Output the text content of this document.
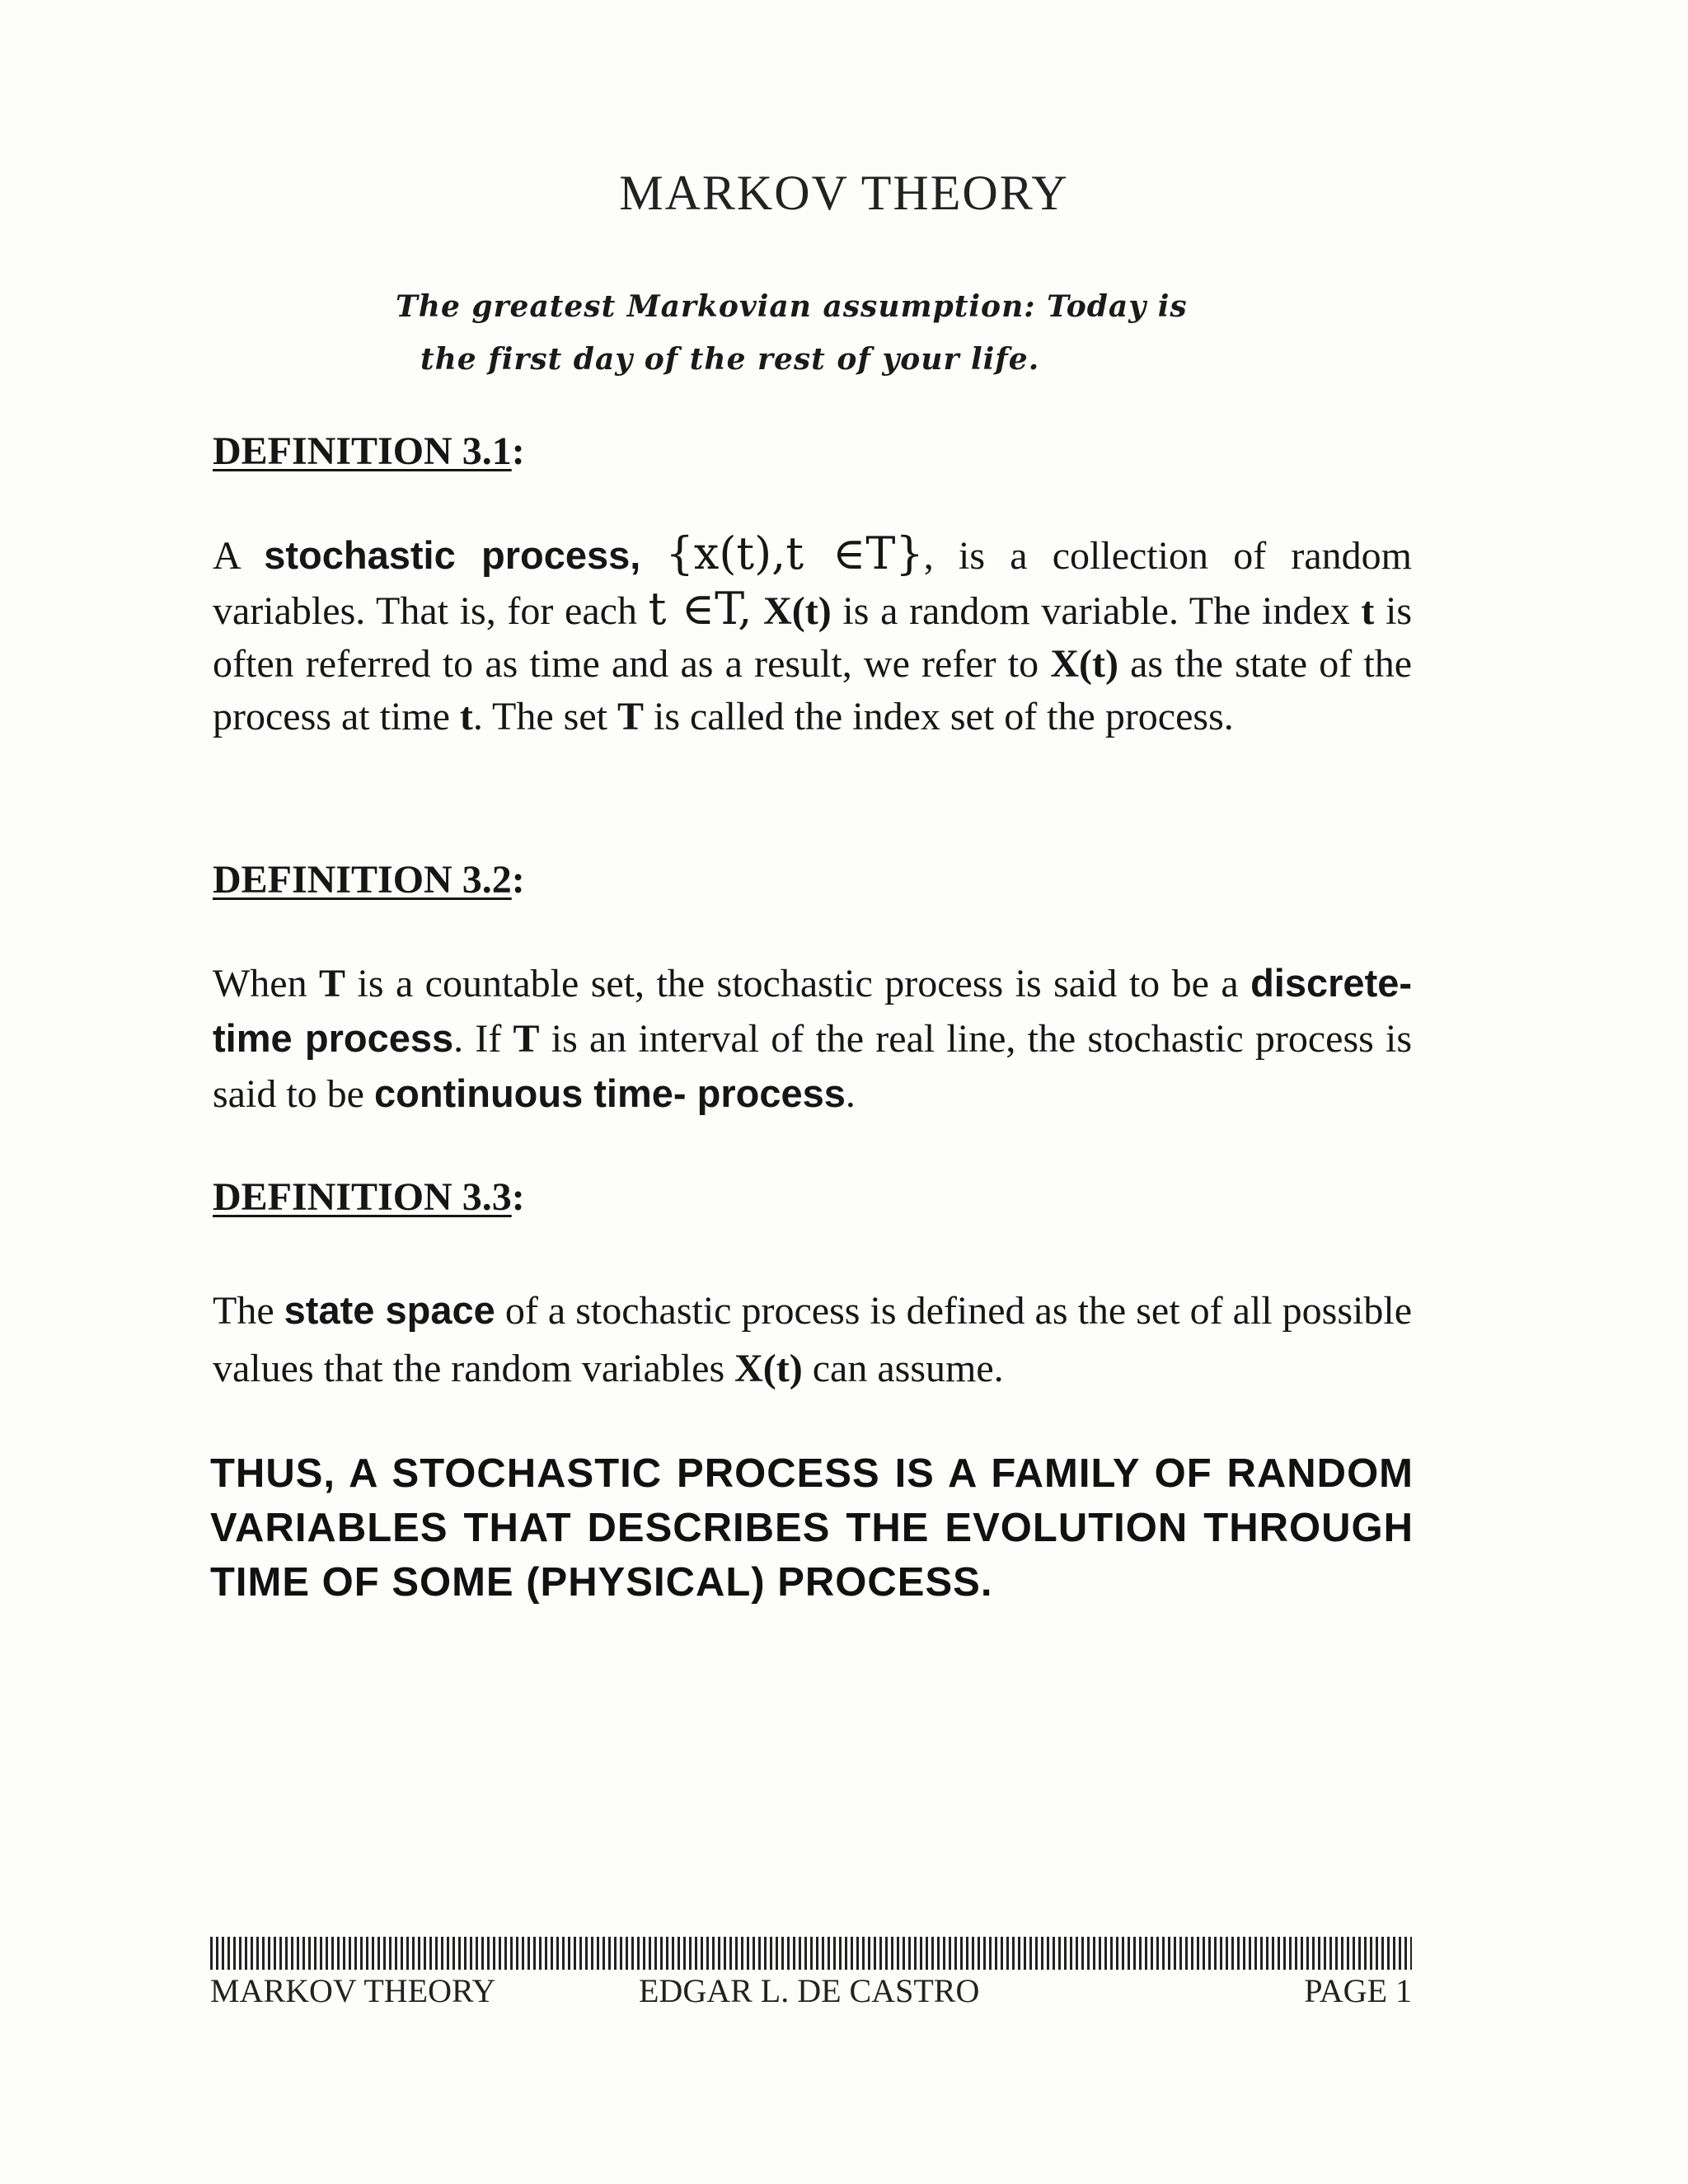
MARKOV THEORY
The greatest Markovian assumption: Today is
the first day of the rest of your life.
DEFINITION 3.1:
A stochastic process, {x(t),t ∈T}, is a collection of random variables. That is, for each t ∈T, X(t) is a random variable. The index t is often referred to as time and as a result, we refer to X(t) as the state of the process at time t. The set T is called the index set of the process.
DEFINITION 3.2:
When T is a countable set, the stochastic process is said to be a discrete-time process. If T is an interval of the real line, the stochastic process is said to be continuous time- process.
DEFINITION 3.3:
The state space of a stochastic process is defined as the set of all possible values that the random variables X(t) can assume.
THUS, A STOCHASTIC PROCESS IS A FAMILY OF RANDOM VARIABLES THAT DESCRIBES THE EVOLUTION THROUGH TIME OF SOME (PHYSICAL) PROCESS.
MARKOV THEORY	EDGAR L. DE CASTRO	PAGE 1
